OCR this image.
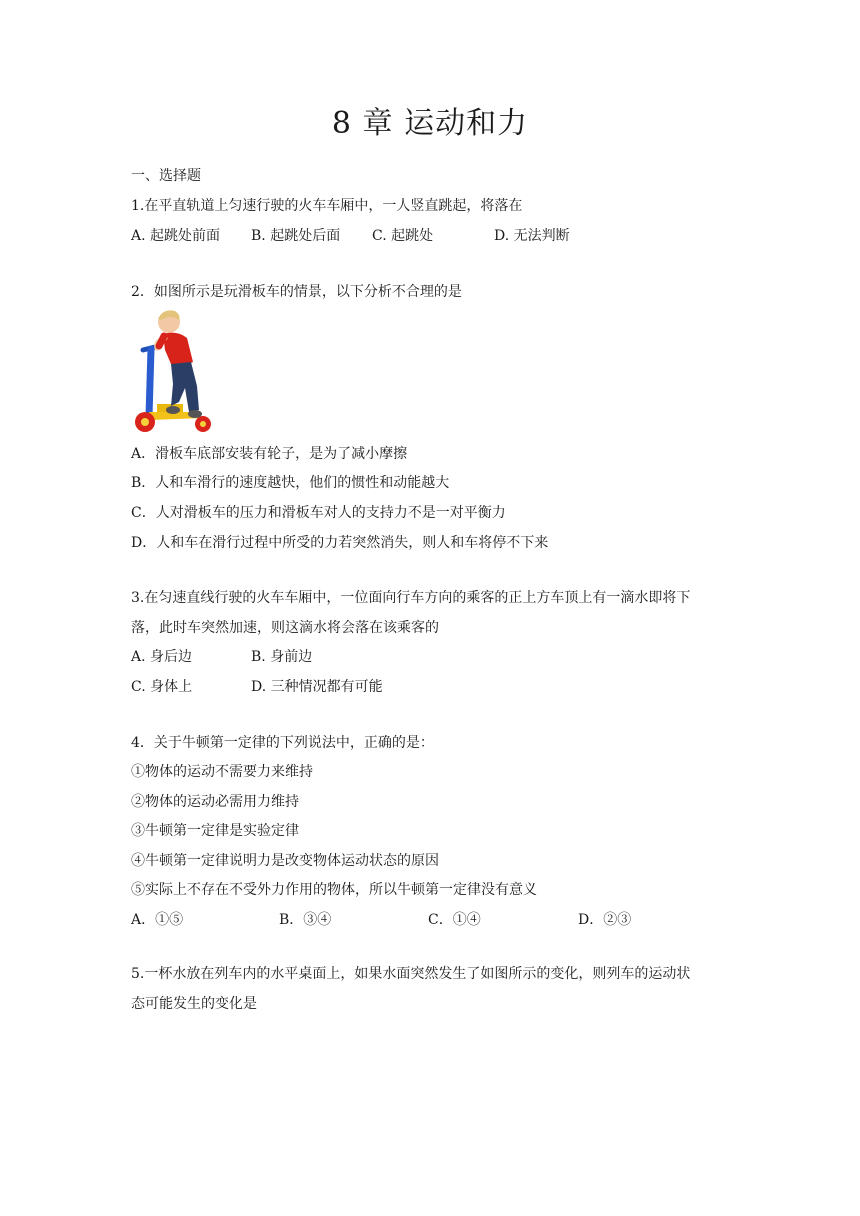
8 章 运动和力
一、选择题
1.在平直轨道上匀速行驶的火车车厢中，一人竖直跳起，将落在
A. 起跳处前面 B. 起跳处后面 C. 起跳处	D. 无法判断
2．如图所示是玩滑板车的情景，以下分析不合理的是
A．滑板车底部安装有轮子，是为了减小摩擦
B．人和车滑行的速度越快，他们的惯性和动能越大
C．人对滑板车的压力和滑板车对人的支持力不是一对平衡力
D．人和车在滑行过程中所受的力若突然消失，则人和车将停不下来
3.在匀速直线行驶的火车车厢中，一位面向行车方向的乘客的正上方车顶上有一滴水即将下
落，此时车突然加速，则这滴水将会落在该乘客的
A. 身后边	B. 身前边
C. 身体上	D. 三种情况都有可能
4．关于牛顿第一定律的下列说法中，正确的是：
①物体的运动不需要力来维持
②物体的运动必需用力维持
③牛顿第一定律是实验定律
④牛顿第一定律说明力是改变物体运动状态的原因
⑤实际上不存在不受外力作用的物体，所以牛顿第一定律没有意义
A．①⑤	B．③④	C．①④	D．②③
5.一杯水放在列车内的水平桌面上，如果水面突然发生了如图所示的变化，则列车的运动状
态可能发生的变化是
